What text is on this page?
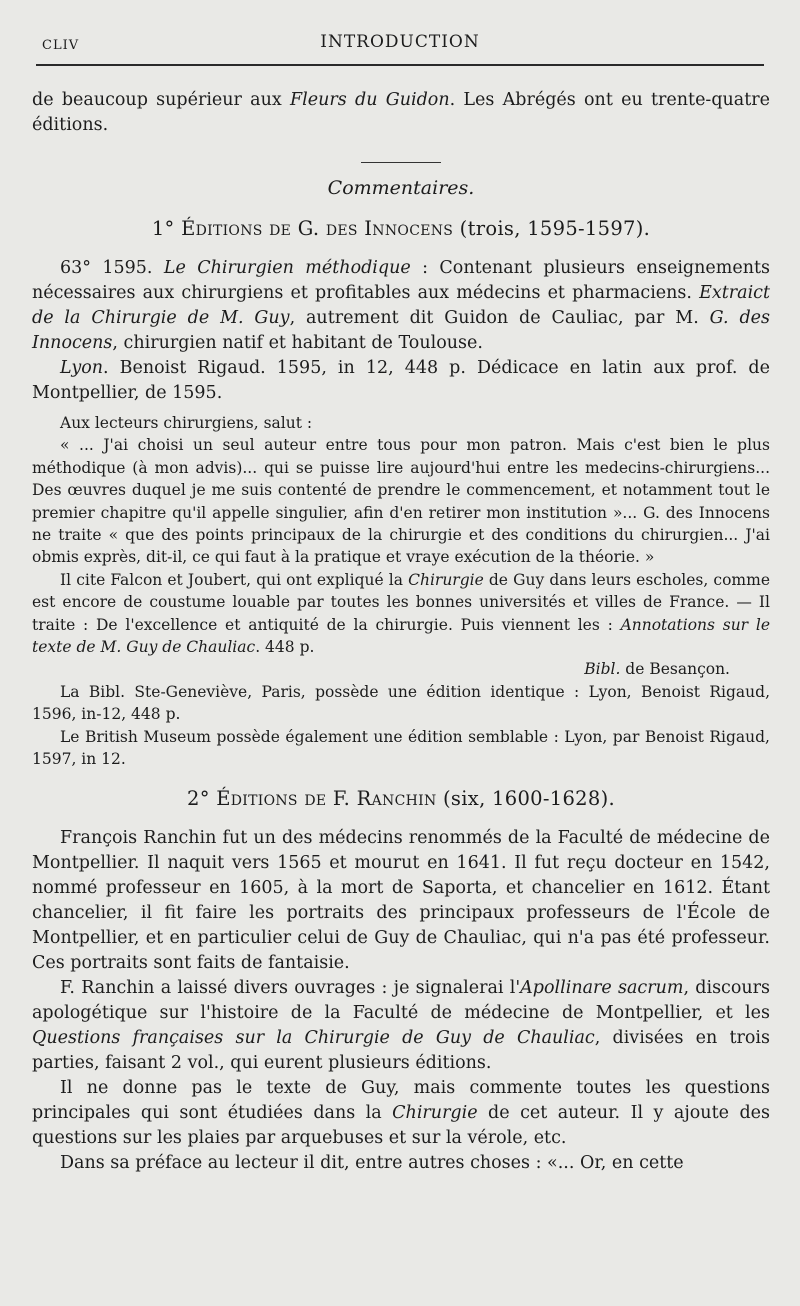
CLIV	INTRODUCTION

de beaucoup supérieur aux Fleurs du Guidon. Les Abrégés ont eu trente-quatre éditions.

Commentaires.
1° Éditions de G. des Innocens (trois, 1595-1597).

63° 1595. Le Chirurgien méthodique : Contenant plusieurs enseignements nécessaires aux chirurgiens et profitables aux médecins et pharmaciens. Extraict de la Chirurgie de M. Guy, autrement dit Guidon de Cauliac, par M. G. des Innocens, chirurgien natif et habitant de Toulouse.

Lyon. Benoist Rigaud. 1595, in 12, 448 p. Dédicace en latin aux prof. de Montpellier, de 1595.

Aux lecteurs chirurgiens, salut :

« ... J'ai choisi un seul auteur entre tous pour mon patron. Mais c'est bien le plus méthodique (à mon advis)... qui se puisse lire aujourd'hui entre les medecins-chirurgiens... Des œuvres duquel je me suis contenté de prendre le commencement, et notamment tout le premier chapitre qu'il appelle singulier, afin d'en retirer mon institution »... G. des Innocens ne traite « que des points principaux de la chirurgie et des conditions du chirurgien... J'ai obmis exprès, dit-il, ce qui faut à la pratique et vraye exécution de la théorie. »

Il cite Falcon et Joubert, qui ont expliqué la Chirurgie de Guy dans leurs escholes, comme est encore de coustume louable par toutes les bonnes universités et villes de France. — Il traite : De l'excellence et antiquité de la chirurgie. Puis viennent les : Annotations sur le texte de M. Guy de Chauliac. 448 p.

Bibl. de Besançon.

La Bibl. Ste-Geneviève, Paris, possède une édition identique : Lyon, Benoist Rigaud, 1596, in-12, 448 p.

Le British Museum possède également une édition semblable : Lyon, par Benoist Rigaud, 1597, in 12.

2° Éditions de F. Ranchin (six, 1600-1628).

François Ranchin fut un des médecins renommés de la Faculté de médecine de Montpellier. Il naquit vers 1565 et mourut en 1641. Il fut reçu docteur en 1542, nommé professeur en 1605, à la mort de Saporta, et chancelier en 1612. Étant chancelier, il fit faire les portraits des principaux professeurs de l'École de Montpellier, et en particulier celui de Guy de Chauliac, qui n'a pas été professeur. Ces portraits sont faits de fantaisie.

F. Ranchin a laissé divers ouvrages : je signalerai l'Apollinare sacrum, discours apologétique sur l'histoire de la Faculté de médecine de Montpellier, et les Questions françaises sur la Chirurgie de Guy de Chauliac, divisées en trois parties, faisant 2 vol., qui eurent plusieurs éditions.

Il ne donne pas le texte de Guy, mais commente toutes les questions principales qui sont étudiées dans la Chirurgie de cet auteur. Il y ajoute des questions sur les plaies par arquebuses et sur la vérole, etc.

Dans sa préface au lecteur il dit, entre autres choses : «... Or, en cette
